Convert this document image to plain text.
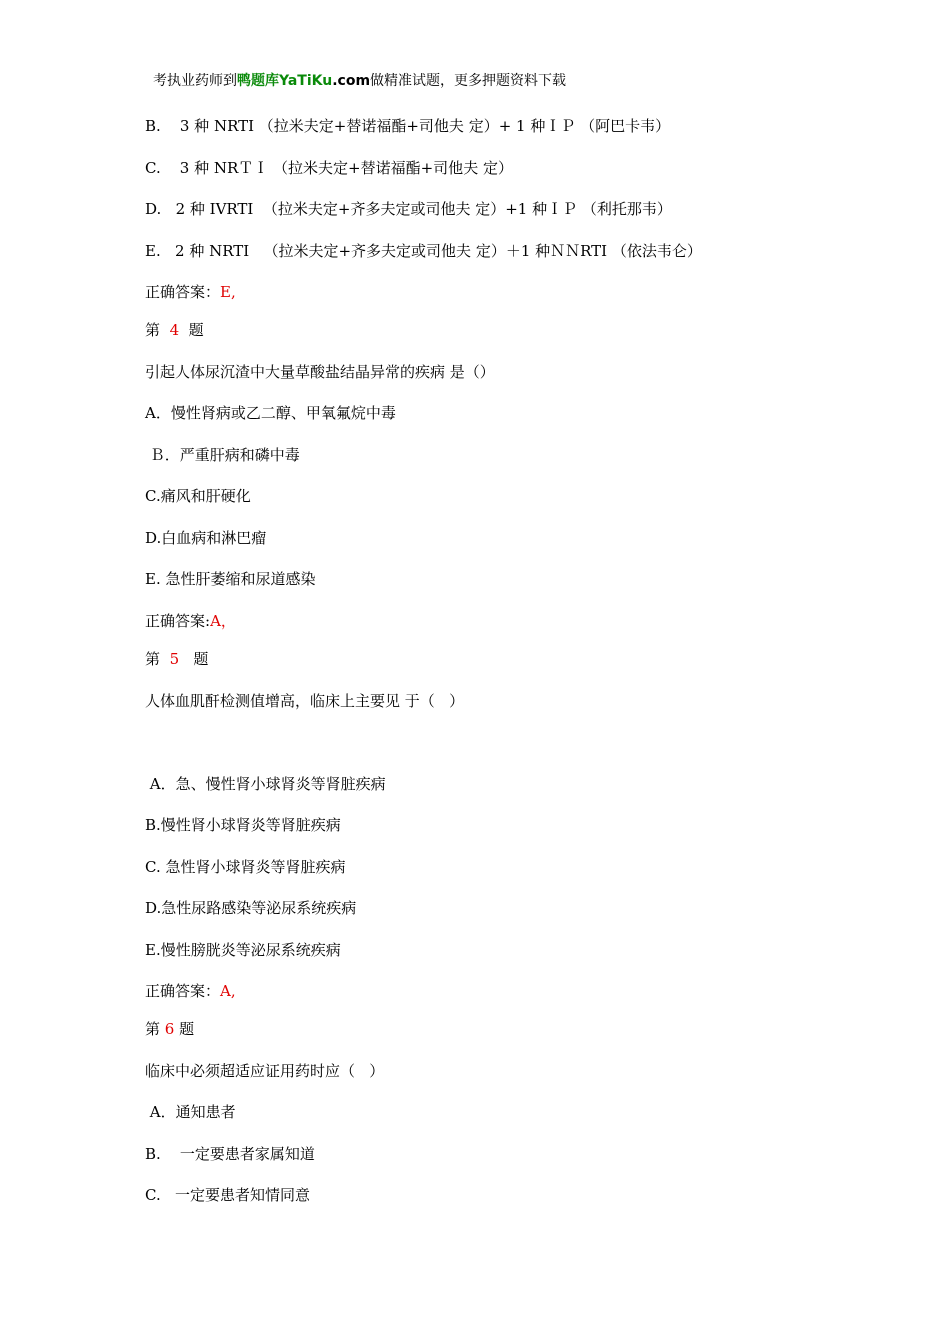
考执业药师到鸭题库YaTiKu.com做精准试题，更多押题资料下载
B.    3 种 NRTI （拉米夫定+替诺福酯+司他夫 定）+ 1 种ＩＰ （阿巴卡韦）
C.    3 种 NRＴＩ （拉米夫定+替诺福酯+司他夫 定）
D.   2 种 IVRTI  （拉米夫定+齐多夫定或司他夫 定）+1 种ＩＰ （利托那韦）
E.   2 种 NRTI   （拉米夫定+齐多夫定或司他夫 定）＋1 种ＮＮRTI （依法韦仑）
正确答案：E,
第 4 题
引起人体尿沉渣中大量草酸盐结晶异常的疾病 是（）
A．慢性肾病或乙二醇、甲氧氟烷中毒
Ｂ．严重肝病和磷中毒
C.痛风和肝硬化
D.白血病和淋巴瘤
E. 急性肝萎缩和尿道感染
正确答案:A，
第 5 题
人体血肌酐检测值增高，临床上主要见 于（   ）
A．急、慢性肾小球肾炎等肾脏疾病
B.慢性肾小球肾炎等肾脏疾病
C. 急性肾小球肾炎等肾脏疾病
D.急性尿路感染等泌尿系统疾病
E.慢性膀胱炎等泌尿系统疾病
正确答案：A,
第 6 题
临床中必须超适应证用药时应（   ）
A．通知患者
B.    一定要患者家属知道
C.   一定要患者知情同意
